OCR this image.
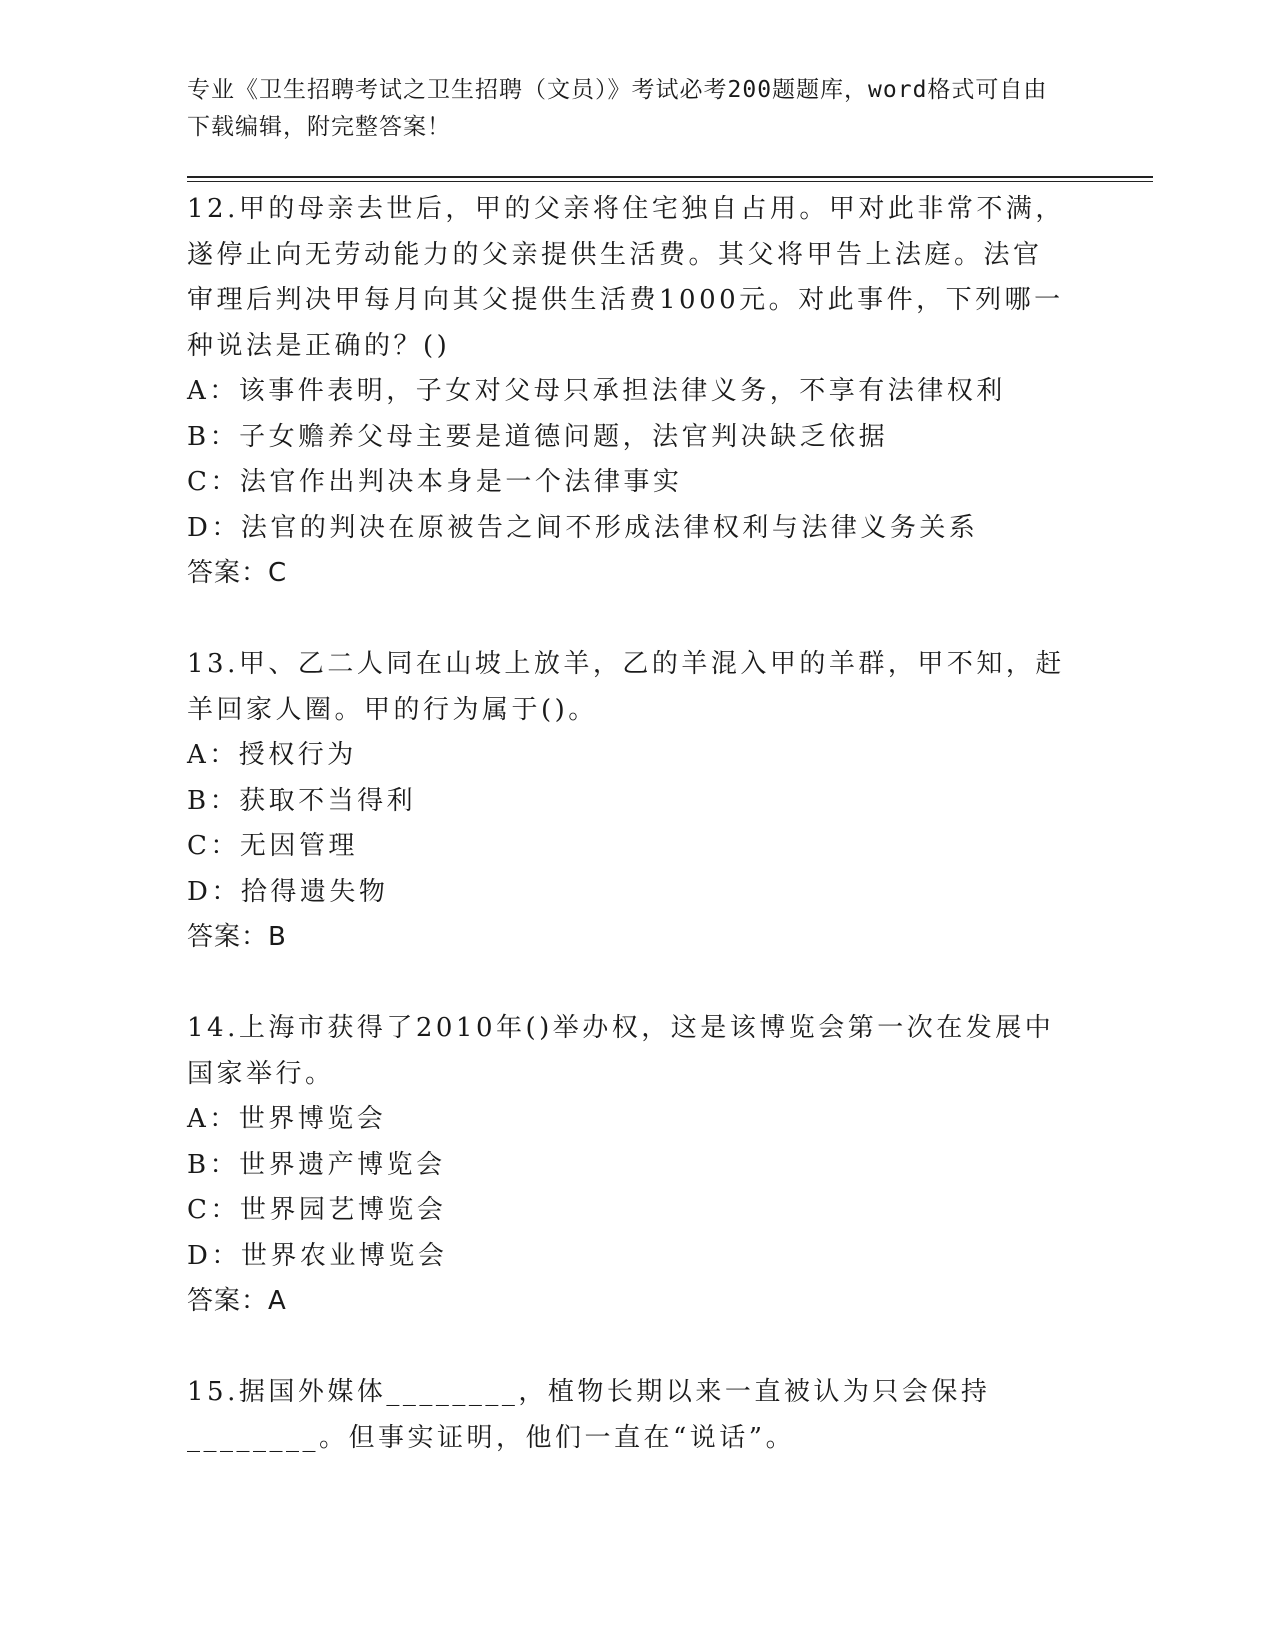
专业《卫生招聘考试之卫生招聘（文员）》考试必考200题题库，word格式可自由下载编辑，附完整答案！
12.甲的母亲去世后，甲的父亲将住宅独自占用。甲对此非常不满，遂停止向无劳动能力的父亲提供生活费。其父将甲告上法庭。法官审理后判决甲每月向其父提供生活费1000元。对此事件，下列哪一种说法是正确的？()
A：该事件表明，子女对父母只承担法律义务，不享有法律权利
B：子女赡养父母主要是道德问题，法官判决缺乏依据
C：法官作出判决本身是一个法律事实
D：法官的判决在原被告之间不形成法律权利与法律义务关系
答案：C
13.甲、乙二人同在山坡上放羊，乙的羊混入甲的羊群，甲不知，赶羊回家人圈。甲的行为属于()。
A：授权行为
B：获取不当得利
C：无因管理
D：拾得遗失物
答案：B
14.上海市获得了2010年()举办权，这是该博览会第一次在发展中国家举行。
A：世界博览会
B：世界遗产博览会
C：世界园艺博览会
D：世界农业博览会
答案：A
15.据国外媒体________，植物长期以来一直被认为只会保持________。但事实证明，他们一直在“说话”。
